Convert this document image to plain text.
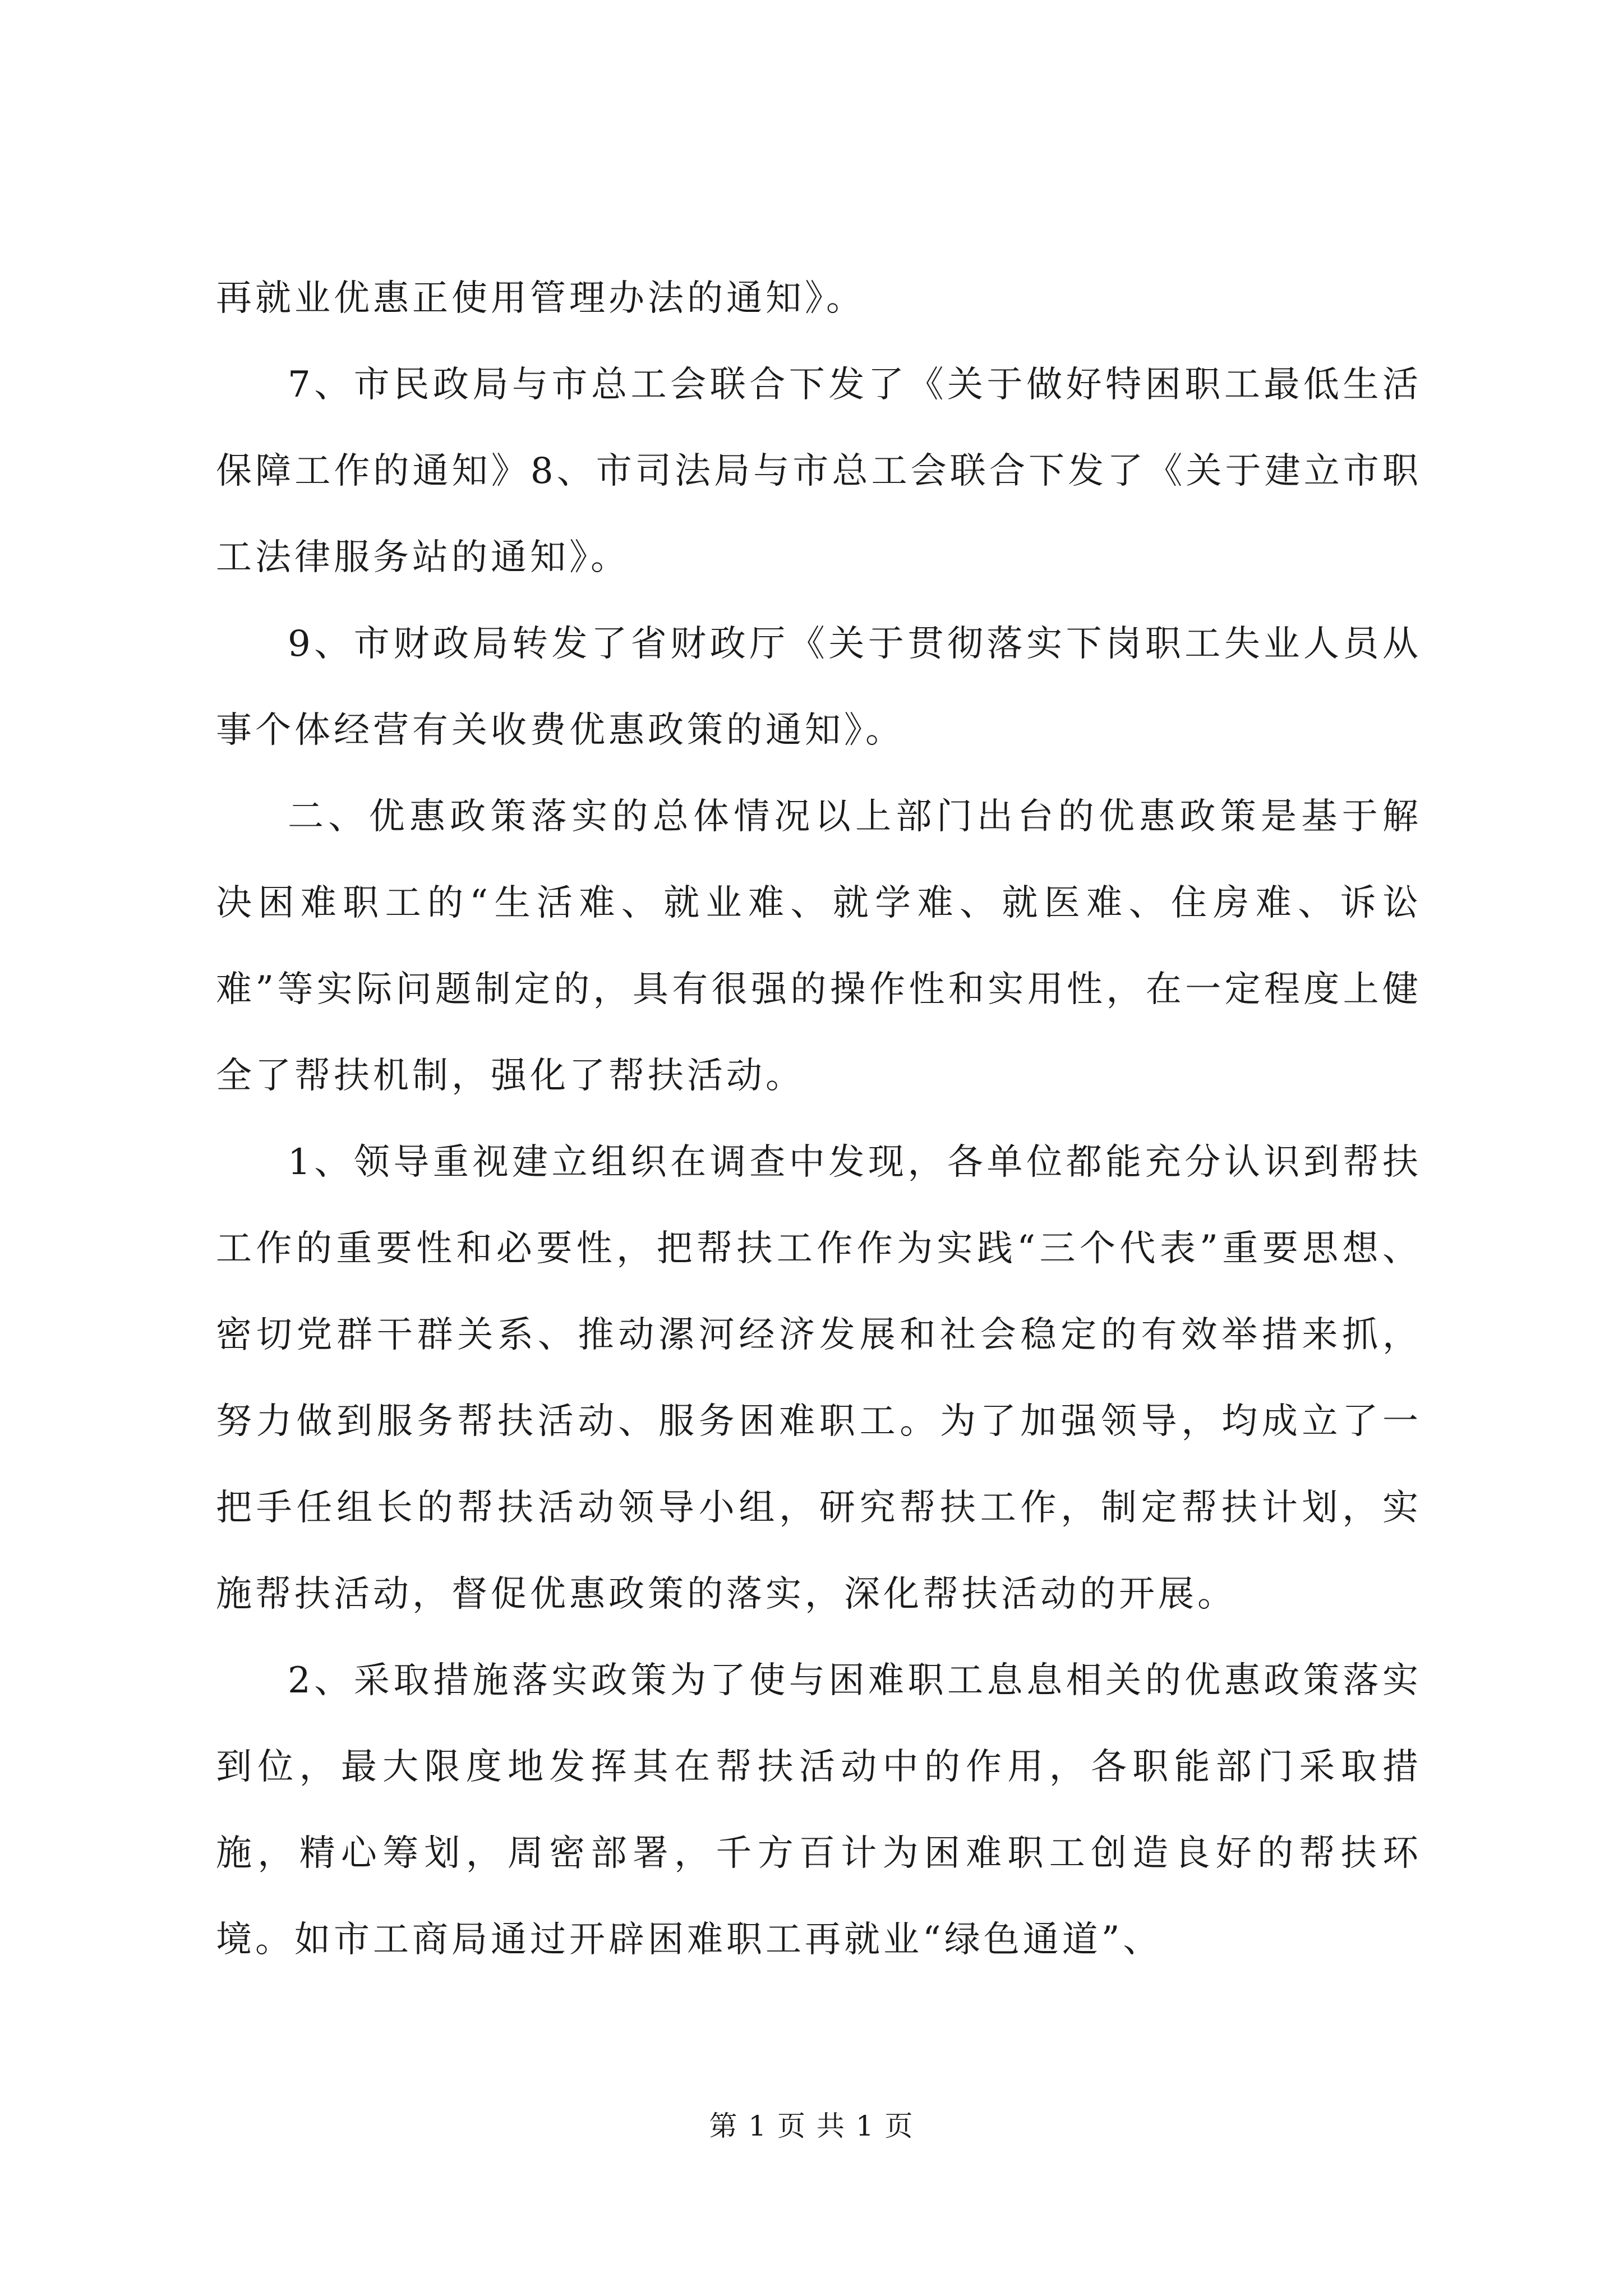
再就业优惠正使用管理办法的通知》。

7、市民政局与市总工会联合下发了《关于做好特困职工最低生活保障工作的通知》8、市司法局与市总工会联合下发了《关于建立市职工法律服务站的通知》。

9、市财政局转发了省财政厅《关于贯彻落实下岗职工失业人员从事个体经营有关收费优惠政策的通知》。

二、优惠政策落实的总体情况以上部门出台的优惠政策是基于解决困难职工的“生活难、就业难、就学难、就医难、住房难、诉讼难”等实际问题制定的，具有很强的操作性和实用性，在一定程度上健全了帮扶机制，强化了帮扶活动。

1、领导重视建立组织在调查中发现，各单位都能充分认识到帮扶工作的重要性和必要性，把帮扶工作作为实践“三个代表”重要思想、密切党群干群关系、推动漯河经济发展和社会稳定的有效举措来抓，努力做到服务帮扶活动、服务困难职工。为了加强领导，均成立了一把手任组长的帮扶活动领导小组，研究帮扶工作，制定帮扶计划，实施帮扶活动，督促优惠政策的落实，深化帮扶活动的开展。

2、采取措施落实政策为了使与困难职工息息相关的优惠政策落实到位，最大限度地发挥其在帮扶活动中的作用，各职能部门采取措施，精心筹划，周密部署，千方百计为困难职工创造良好的帮扶环境。如市工商局通过开辟困难职工再就业“绿色通道”、

第 1 页 共 1 页
